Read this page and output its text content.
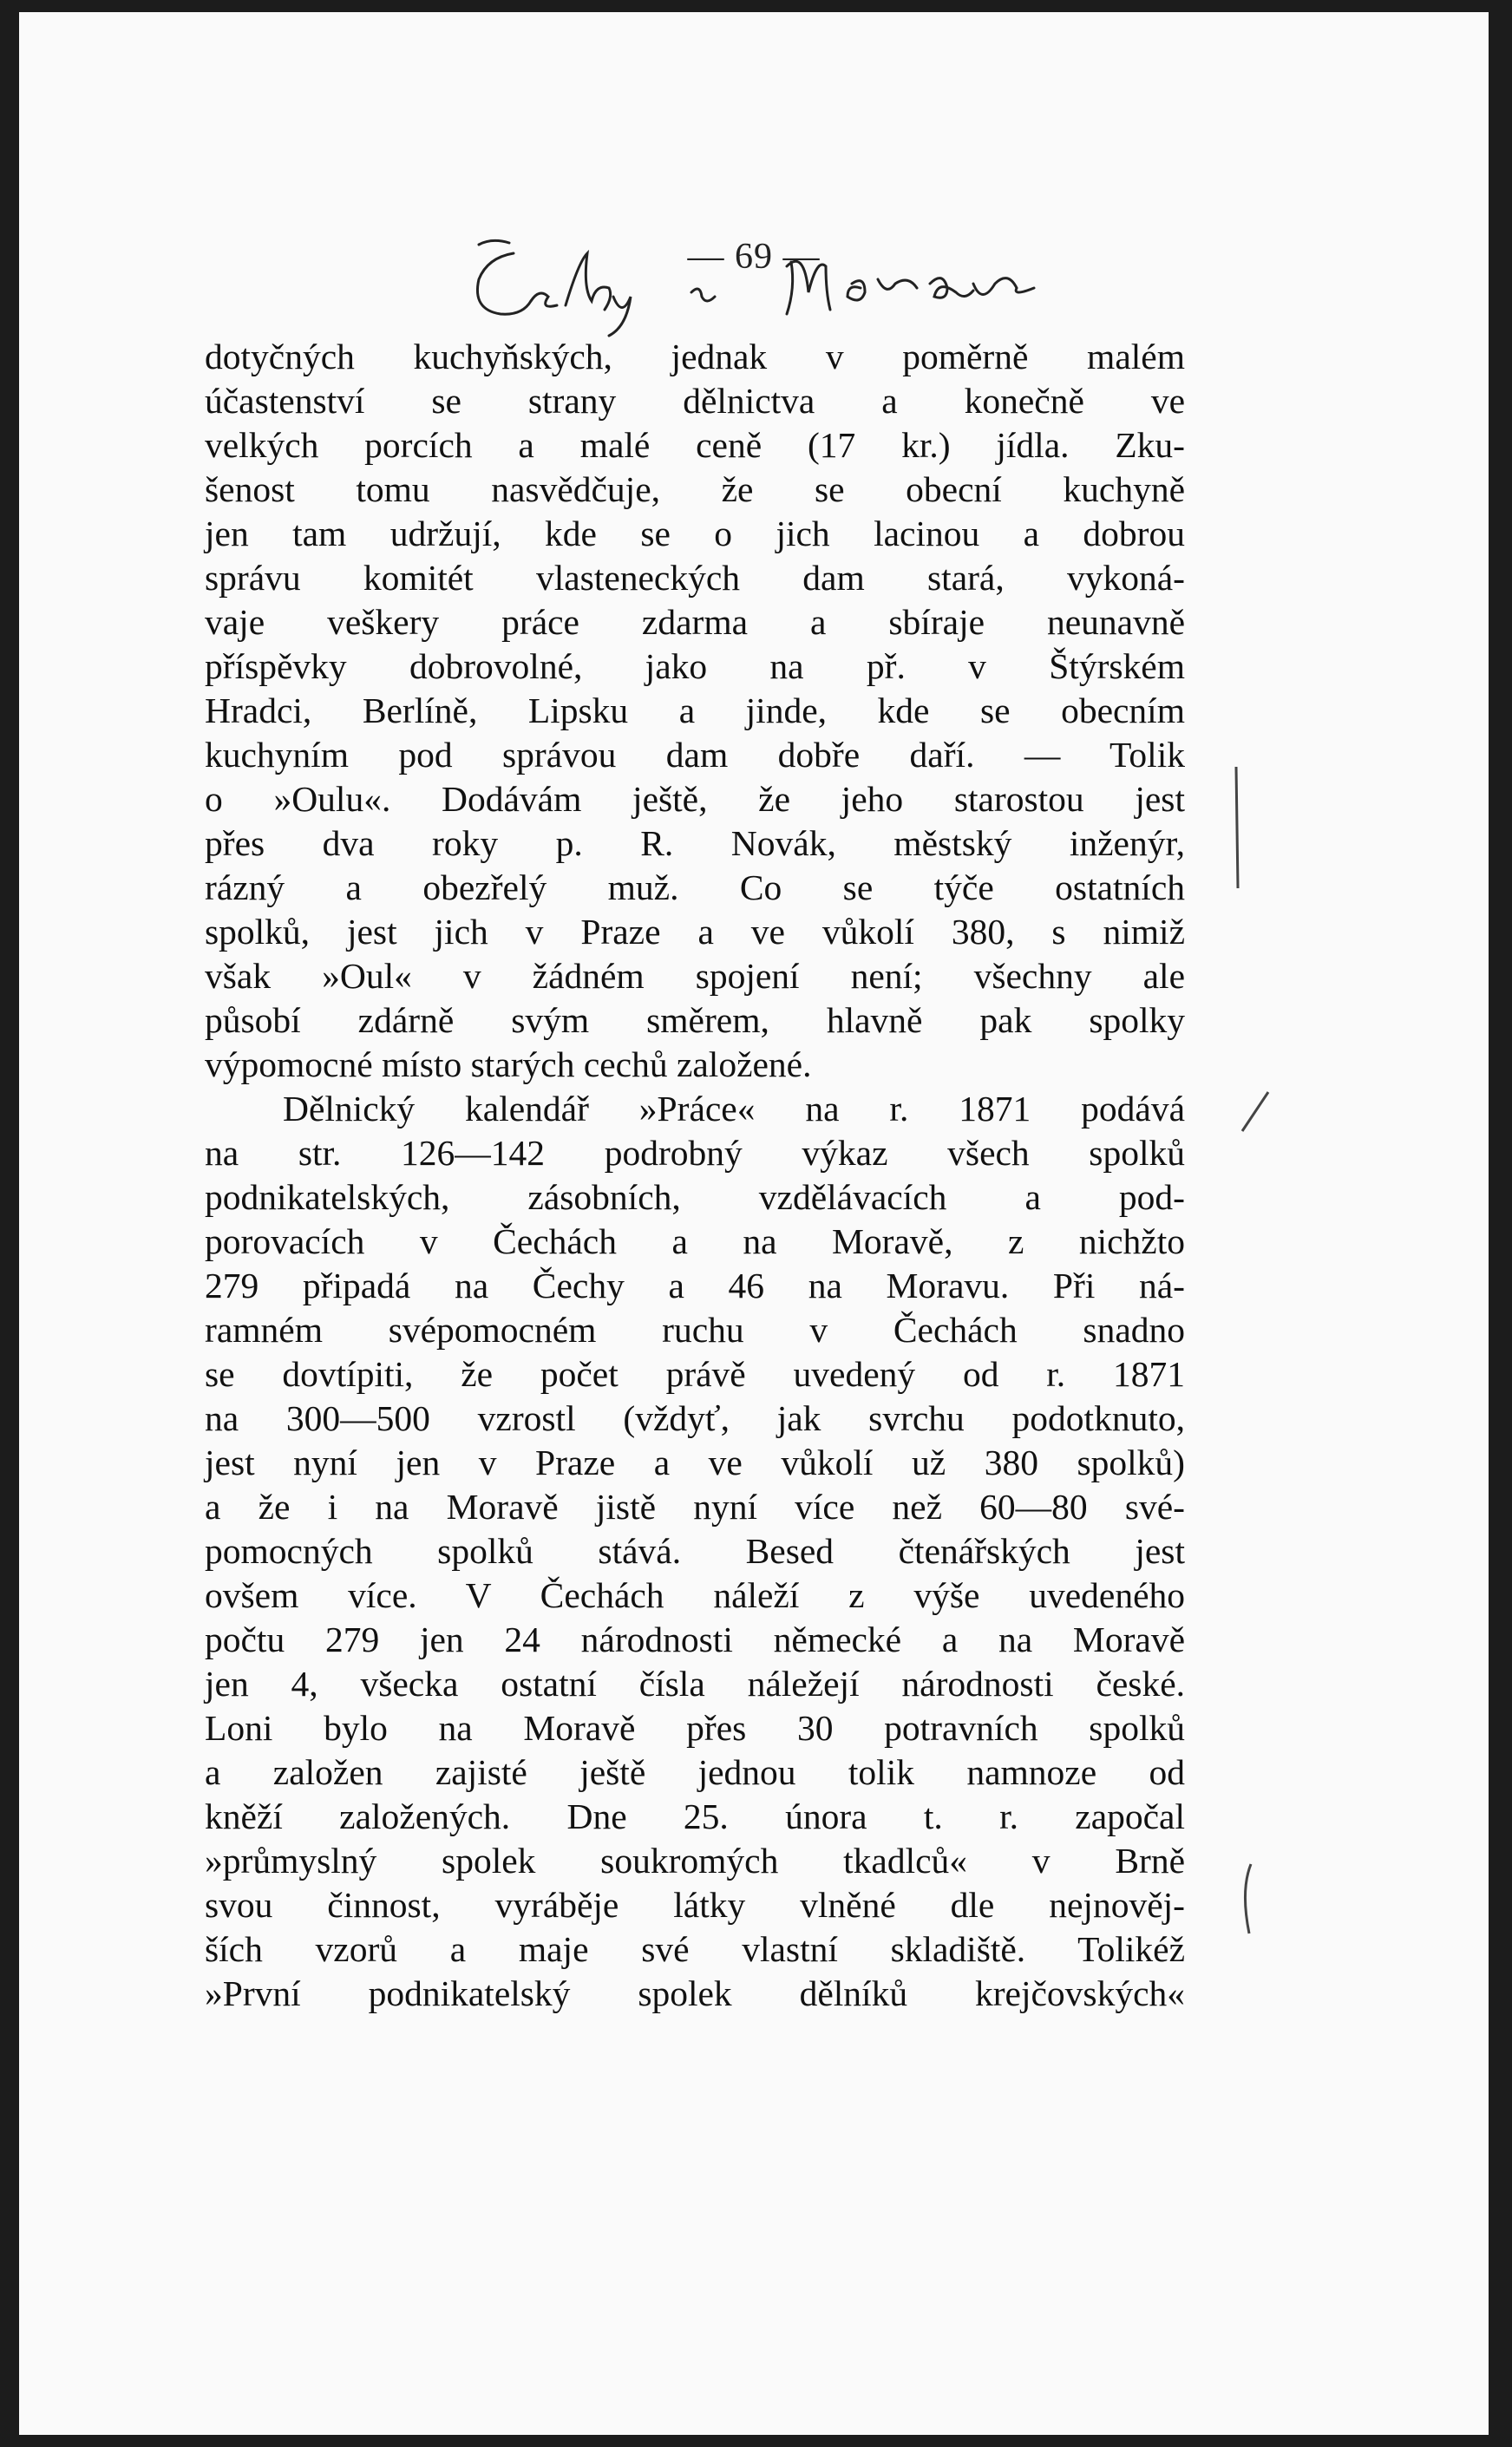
— 69 —
dotyčných kuchyňských, jednak v poměrně malém
účastenství se strany dělnictva a konečně ve
velkých porcích a malé ceně (17 kr.) jídla. Zku-
šenost tomu nasvědčuje, že se obecní kuchyně
jen tam udržují, kde se o jich lacinou a dobrou
správu komitét vlasteneckých dam stará, vykoná-
vaje veškery práce zdarma a sbíraje neunavně
příspěvky dobrovolné, jako na př. v Štýrském
Hradci, Berlíně, Lipsku a jinde, kde se obecním
kuchyním pod správou dam dobře daří. — Tolik
o »Oulu«. Dodávám ještě, že jeho starostou jest
přes dva roky p. R. Novák, městský inženýr,
rázný a obezřelý muž. Co se týče ostatních
spolků, jest jich v Praze a ve vůkolí 380, s nimiž
však »Oul« v žádném spojení není; všechny ale
působí zdárně svým směrem, hlavně pak spolky
výpomocné místo starých cechů založené.
Dělnický kalendář »Práce« na r. 1871 podává
na str. 126—142 podrobný výkaz všech spolků
podnikatelských, zásobních, vzdělávacích a pod-
porovacích v Čechách a na Moravě, z nichžto
279 připadá na Čechy a 46 na Moravu. Při ná-
ramném svépomocném ruchu v Čechách snadno
se dovtípiti, že počet právě uvedený od r. 1871
na 300—500 vzrostl (vždyť, jak svrchu podotknuto,
jest nyní jen v Praze a ve vůkolí už 380 spolků)
a že i na Moravě jistě nyní více než 60—80 své-
pomocných spolků stává. Besed čtenářských jest
ovšem více. V Čechách náleží z výše uvedeného
počtu 279 jen 24 národnosti německé a na Moravě
jen 4, všecka ostatní čísla náležejí národnosti české.
Loni bylo na Moravě přes 30 potravních spolků
a založen zajisté ještě jednou tolik namnoze od
kněží založených. Dne 25. února t. r. započal
»průmyslný spolek soukromých tkadlců« v Brně
svou činnost, vyráběje látky vlněné dle nejnověj-
ších vzorů a maje své vlastní skladiště. Tolikéž
»První podnikatelský spolek dělníků krejčovských«
